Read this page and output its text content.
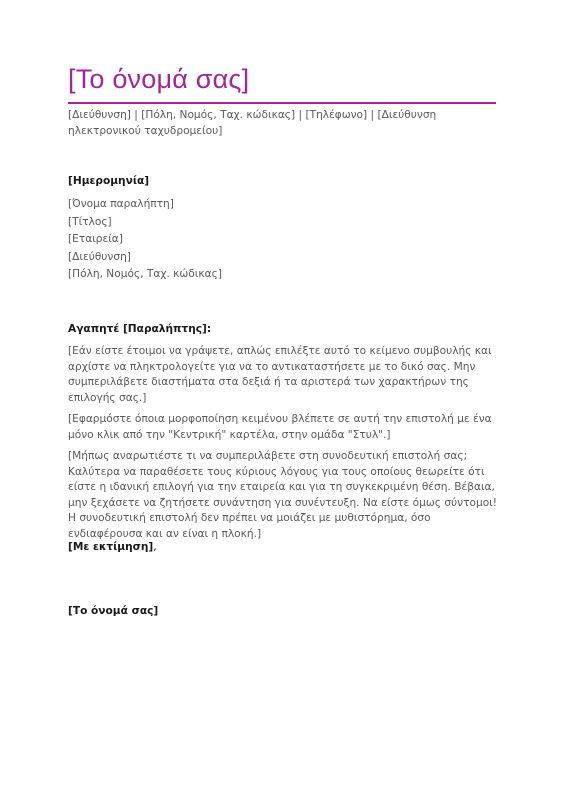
[Το όνομά σας]
[Διεύθυνση] | [Πόλη, Νομός, Ταχ. κώδικας] | [Τηλέφωνο] | [Διεύθυνση ηλεκτρονικού ταχυδρομείου]
[Ημερομηνία]
[Όνομα παραλήπτη]
[Τίτλος]
[Εταιρεία]
[Διεύθυνση]
[Πόλη, Νομός, Ταχ. κώδικας]
Αγαπητέ [Παραλήπτης]:

[Εάν είστε έτοιμοι να γράψετε, απλώς επιλέξτε αυτό το κείμενο συμβουλής και αρχίστε να πληκτρολογείτε για να το αντικαταστήσετε με το δικό σας. Μην συμπεριλάβετε διαστήματα στα δεξιά ή τα αριστερά των χαρακτήρων της επιλογής σας.]

[Εφαρμόστε όποια μορφοποίηση κειμένου βλέπετε σε αυτή την επιστολή με ένα μόνο κλικ από την "Κεντρική" καρτέλα, στην ομάδα "Στυλ".]

[Μήπως αναρωτιέστε τι να συμπεριλάβετε στη συνοδευτική επιστολή σας; Καλύτερα να παραθέσετε τους κύριους λόγους για τους οποίους θεωρείτε ότι είστε η ιδανική επιλογή για την εταιρεία και για τη συγκεκριμένη θέση. Βέβαια, μην ξεχάσετε να ζητήσετε συνάντηση για συνέντευξη. Να είστε όμως σύντομοι! Η συνοδευτική επιστολή δεν πρέπει να μοιάζει με μυθιστόρημα, όσο ενδιαφέρουσα και αν είναι η πλοκή.]

[Με εκτίμηση],
[Το όνομά σας]
